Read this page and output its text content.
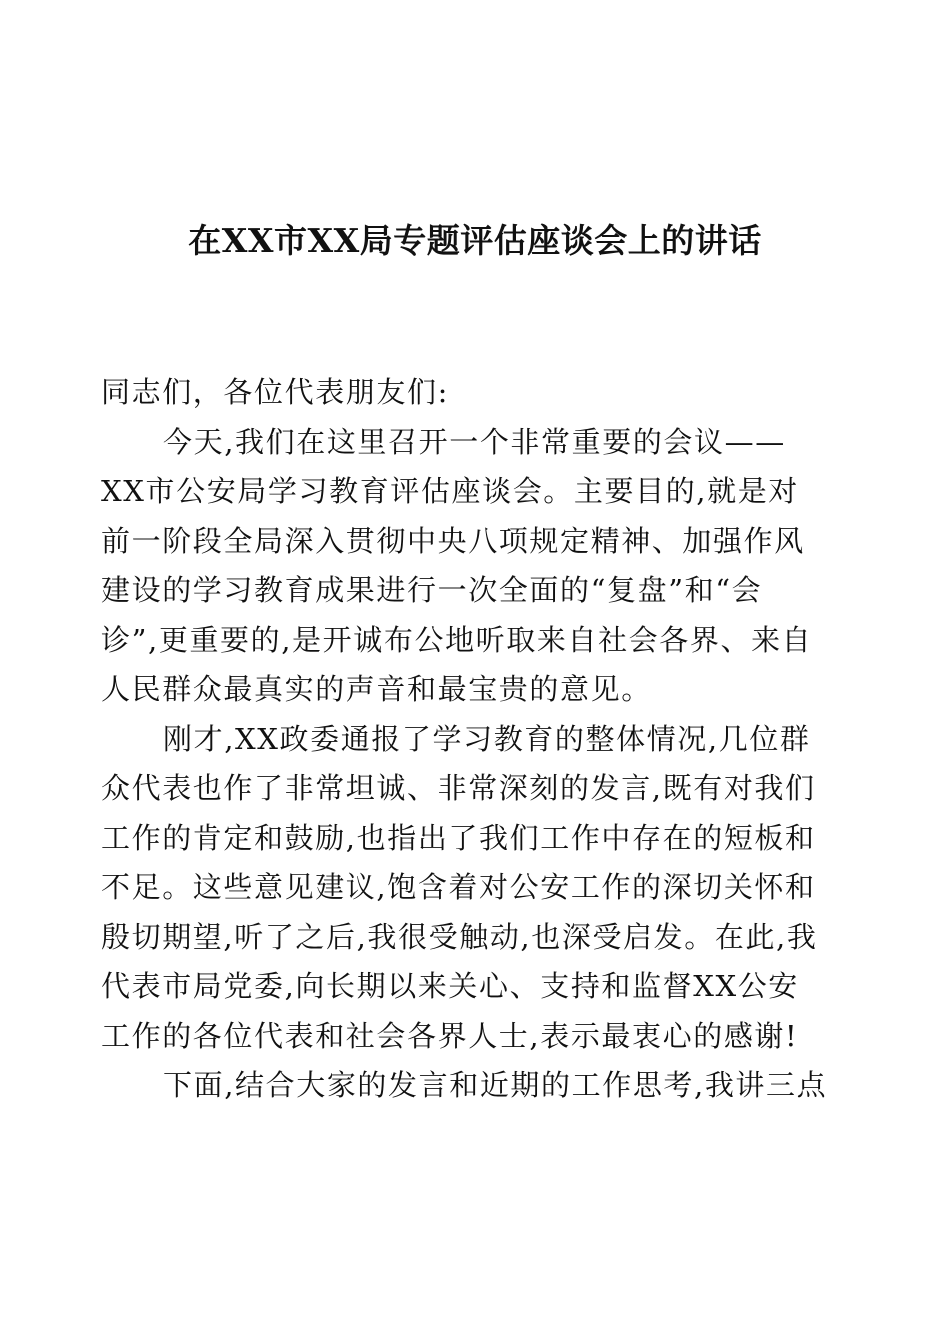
在XX市XX局专题评估座谈会上的讲话
同志们，各位代表朋友们:
今天,我们在这里召开一个非常重要的会议——
XX市公安局学习教育评估座谈会。主要目的,就是对
前一阶段全局深入贯彻中央八项规定精神、加强作风
建设的学习教育成果进行一次全面的“复盘”和“会
诊”,更重要的,是开诚布公地听取来自社会各界、来自
人民群众最真实的声音和最宝贵的意见。
刚才,XX政委通报了学习教育的整体情况,几位群
众代表也作了非常坦诚、非常深刻的发言,既有对我们
工作的肯定和鼓励,也指出了我们工作中存在的短板和
不足。这些意见建议,饱含着对公安工作的深切关怀和
殷切期望,听了之后,我很受触动,也深受启发。在此,我
代表市局党委,向长期以来关心、支持和监督XX公安
工作的各位代表和社会各界人士,表示最衷心的感谢!
下面,结合大家的发言和近期的工作思考,我讲三点
